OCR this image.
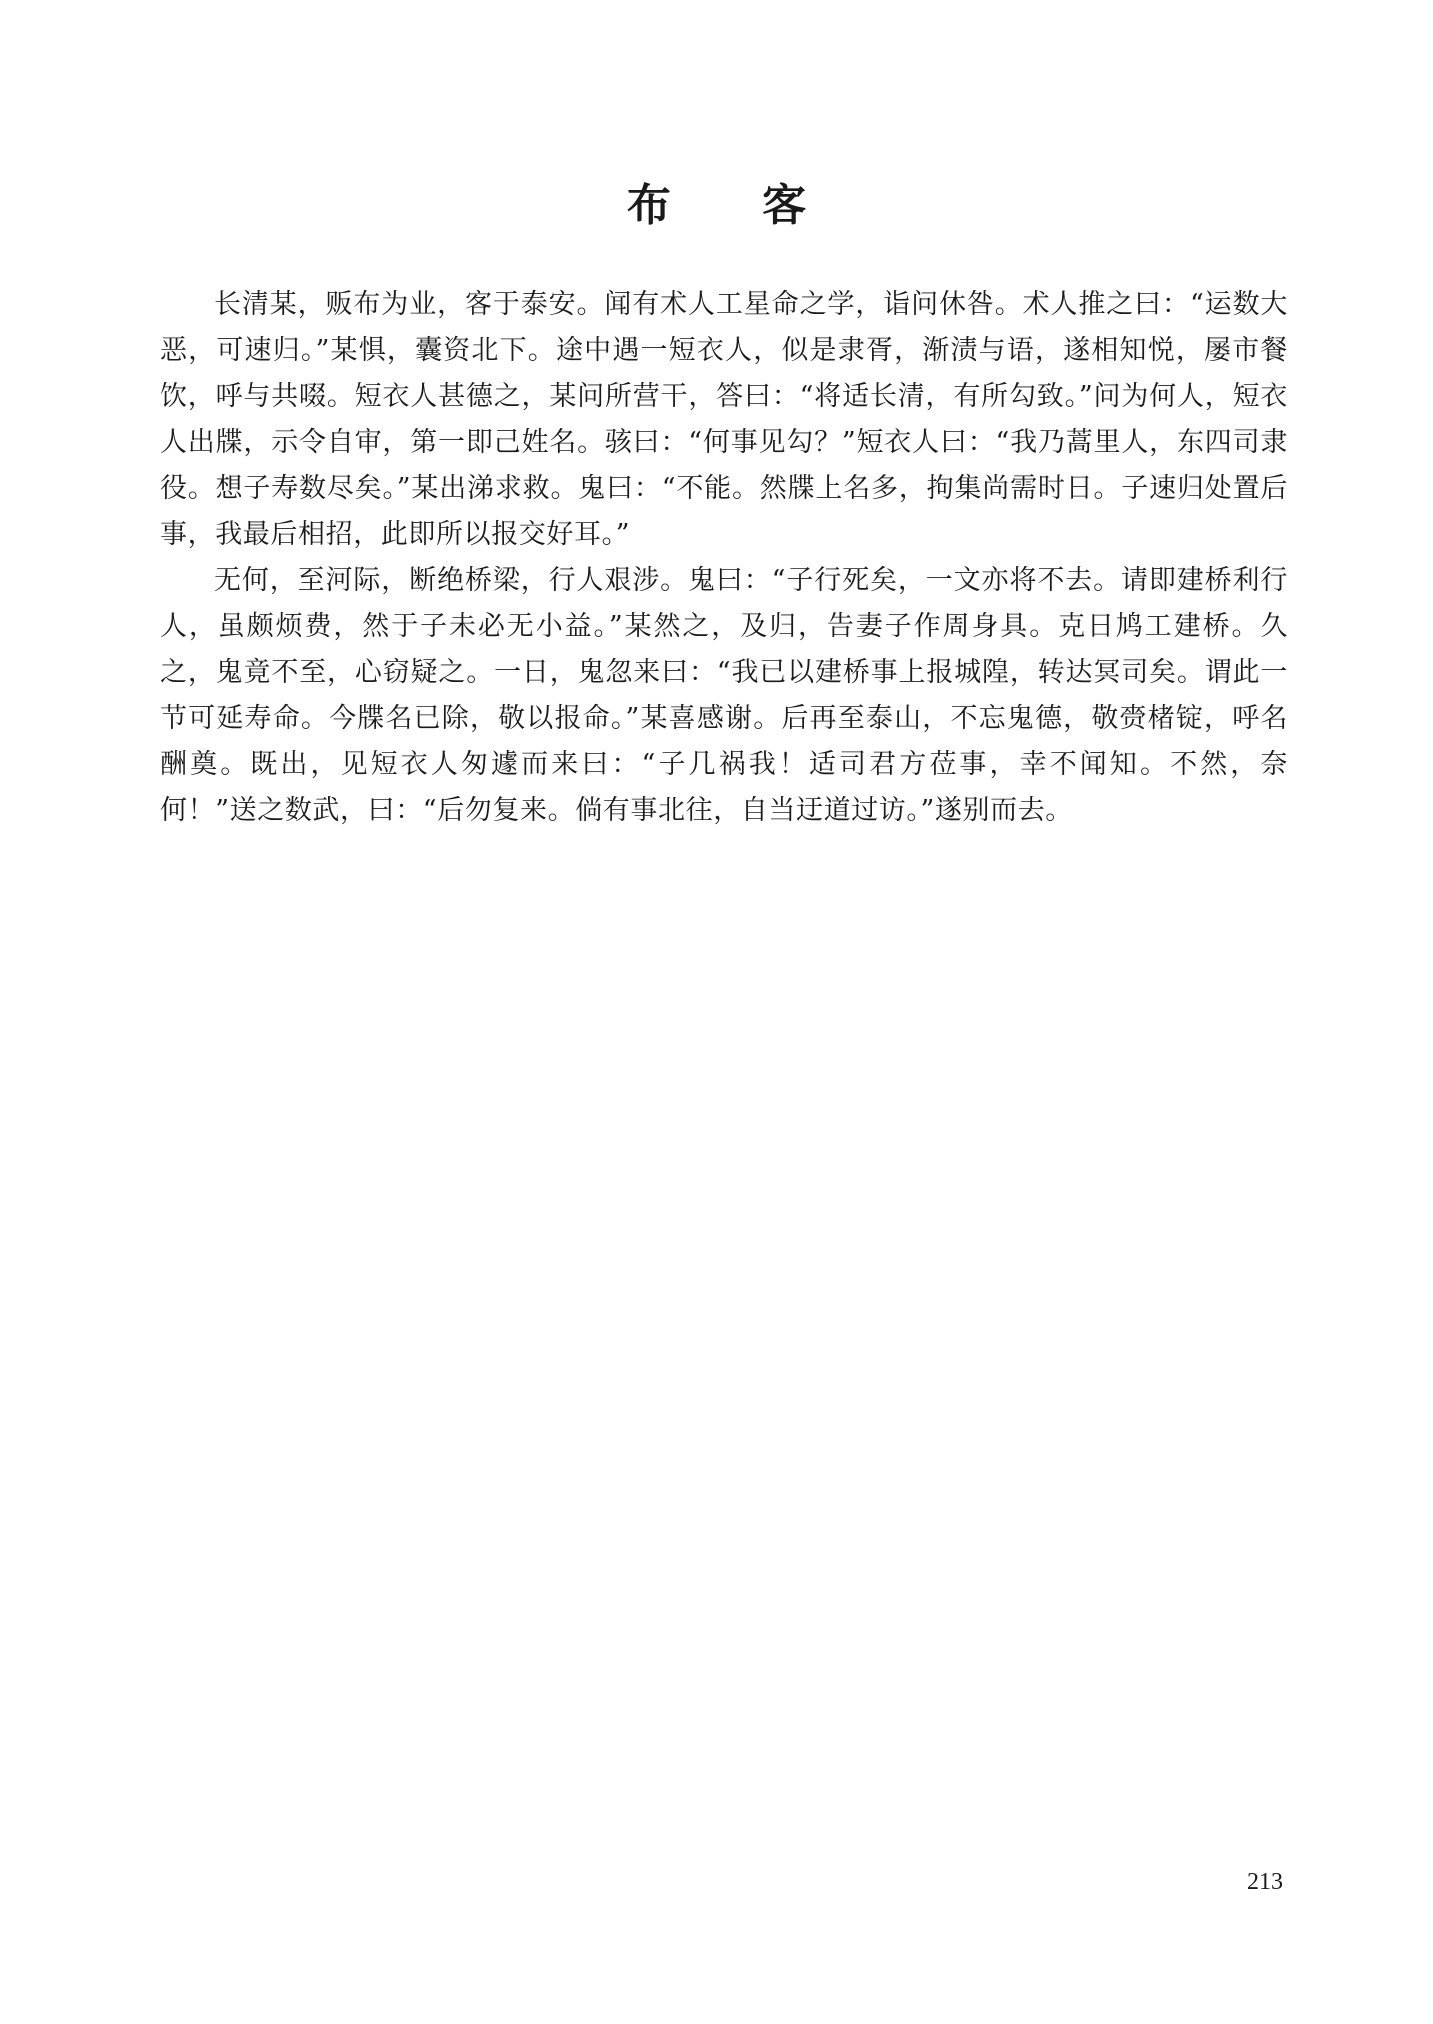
布 客

长清某，贩布为业，客于泰安。闻有术人工星命之学，诣问休咎。术人推之曰：“运数大恶，可速归。”某惧，囊资北下。途中遇一短衣人，似是隶胥，渐渍与语，遂相知悦，屡市餐饮，呼与共啜。短衣人甚德之，某问所营干，答曰：“将适长清，有所勾致。”问为何人，短衣人出牒，示令自审，第一即己姓名。骇曰：“何事见勾？”短衣人曰：“我乃蒿里人，东四司隶役。想子寿数尽矣。”某出涕求救。鬼曰：“不能。然牒上名多，拘集尚需时日。子速归处置后事，我最后相招，此即所以报交好耳。”

无何，至河际，断绝桥梁，行人艰涉。鬼曰：“子行死矣，一文亦将不去。请即建桥利行人，虽颇烦费，然于子未必无小益。”某然之，及归，告妻子作周身具。克日鸠工建桥。久之，鬼竟不至，心窃疑之。一日，鬼忽来曰：“我已以建桥事上报城隍，转达冥司矣。谓此一节可延寿命。今牒名已除，敬以报命。”某喜感谢。后再至泰山，不忘鬼德，敬赍楮锭，呼名酬奠。既出，见短衣人匆遽而来曰：“子几祸我！适司君方莅事，幸不闻知。不然，奈何！”送之数武，曰：“后勿复来。倘有事北往，自当迂道过访。”遂别而去。

213
